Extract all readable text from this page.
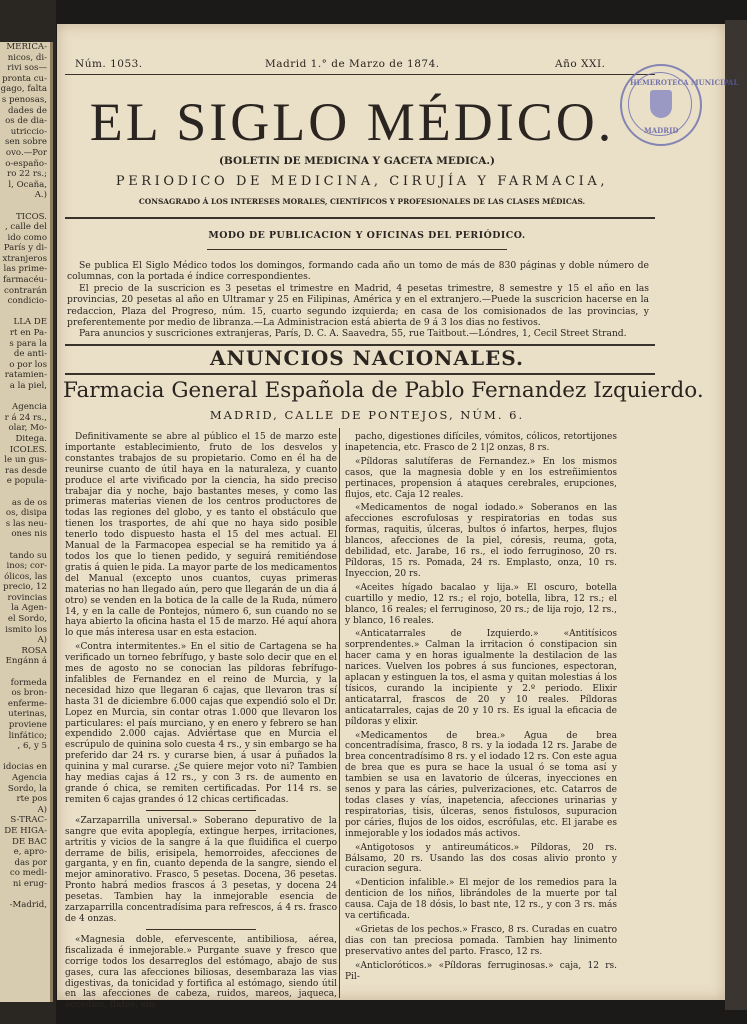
MERICA-
nicos, di-
rivi sos—
pronta cu-
gago, falta
s penosas,
dades de
os de dia-
utriccio-
sen sobre
ovo.—Por
o-españo-
ro 22 rs.;
l, Ocaña,
A.)

TICOS.
, calle del
ido como
París y di-
xtranjeros
las prime-
farmacéu-
contrarán
condicio-

LLA DE
rt en Pa-
s para la
de anti-
o por los
ratamien-
a la piel,

Agencia
r á 24 rs.,
olar, Mo-
Ditega.
ICOLES.
le un gus-
ras desde
e popula-

as de os
os, disipa
s las neu-
ones nis

tando su
inos; cor-
ólicos, las
precio, 12
rovincias
la Agen-
el Sordo,
ismito los
A)
ROSA
Engánn á

formeda
os bron-
enferme-
uterinas,
proviene
linfático;
, 6, y 5

idocias en
Agencia
Sordo, la
rte pos
A)
S-TRAC-
DE HIGA-
DE BAC
e, apro-
das por
co medi-
ni erug-

-Madrid,
Núm. 1053.	Madrid 1.° de Marzo de 1874.	Año XXI.
HEMEROTECA MUNICIPAL
MADRID
EL SIGLO MÉDICO.
(BOLETIN DE MEDICINA Y GACETA MEDICA.)
PERIODICO DE MEDICINA, CIRUJÍA Y FARMACIA,
CONSAGRADO Á LOS INTERESES MORALES, CIENTÍFICOS Y PROFESIONALES DE LAS CLASES MÉDICAS.
MODO DE PUBLICACION Y OFICINAS DEL PERIÓDICO.

Se publica El Siglo Médico todos los domingos, formando cada año un tomo de más de 830 páginas y doble número de columnas, con la portada é índice correspondientes.

El precio de la suscricion es 3 pesetas el trimestre en Madrid, 4 pesetas trimestre, 8 semestre y 15 el año en las provincias, 20 pesetas al año en Ultramar y 25 en Filipinas, América y en el extranjero.—Puede la suscricion hacerse en la redaccion, Plaza del Progreso, núm. 15, cuarto segundo izquierda; en casa de los comisionados de las provincias, y preferentemente por medio de libranza.—La Administracion está abierta de 9 á 3 los dias no festivos.

Para anuncios y suscriciones extranjeras, París, D. C. A. Saavedra, 55, rue Taitbout.—Lóndres, 1, Cecil Street Strand.

ANUNCIOS NACIONALES.
Farmacia General Española de Pablo Fernandez Izquierdo.
MADRID, CALLE DE PONTEJOS, NÚM. 6.

Definitivamente se abre al público el 15 de marzo este importante establecimiento, fruto de los desvelos y constantes trabajos de su propietario. Como en él ha de reunirse cuanto de útil haya en la naturaleza, y cuanto produce el arte vivificado por la ciencia, ha sido preciso trabajar dia y noche, bajo bastantes meses, y como las primeras materias vienen de los centros productores de todas las regiones del globo, y es tanto el obstáculo que tienen los trasportes, de ahí que no haya sido posible tenerlo todo dispuesto hasta el 15 del mes actual. El Manual de la Farmacopea especial se ha remitido ya á todos los que lo tienen pedido, y seguirá remitiéndose gratis á quien le pida. La mayor parte de los medicamentos del Manual (excepto unos cuantos, cuyas primeras materias no han llegado aún, pero que llegarán de un dia á otro) se venden en la botica de la calle de la Ruda, número 14, y en la calle de Pontejos, número 6, sun cuando no se haya abierto la oficina hasta el 15 de marzo. Hé aquí ahora lo que más interesa usar en esta estacion.

«Contra intermitentes.» En el sitio de Cartagena se ha verificado un torneo febrífugo, y baste solo decir que en el mes de agosto no se conocian las píldoras febrífugo-infalibles de Fernandez en el reino de Murcia, y la necesidad hizo que llegaran 6 cajas, que llevaron tras sí hasta 31 de diciembre 6.000 cajas que expendió solo el Dr. Lopez en Murcia, sin contar otras 1.000 que llevaron los particulares: el país murciano, y en enero y febrero se han expendido 2.000 cajas. Adviértase que en Murcia el escrúpulo de quinina solo cuesta 4 rs., y sin embargo se ha preferido dar 24 rs. y curarse bien, á usar á puñados la quinina y mal curarse. ¿Se quiere mejor voto ni? Tambien hay medias cajas á 12 rs., y con 3 rs. de aumento en grande ó chica, se remiten certificadas. Por 114 rs. se remiten 6 cajas grandes ó 12 chicas certificadas.

«Zarzaparrilla universal.» Soberano depurativo de la sangre que evita apoplegía, extingue herpes, irritaciones, artritis y vicios de la sangre á la que fluidifica el cuerpo derrame de bilis, erisipela, hemorroides, afecciones de garganta, y en fin, cuanto dependa de la sangre, siendo el mejor aminorativo. Frasco, 5 pesetas. Docena, 36 pesetas. Pronto habrá medios frascos á 3 pesetas, y docena 24 pesetas. Tambien hay la inmejorable esencia de zarzaparrilla concentradísima para refrescos, á 4 rs. frasco de 4 onzas.

«Magnesia doble, efervescente, antibiliosa, aérea, fiscalizada é inmejorable.» Purgante suave y fresco que corrige todos los desarreglos del estómago, abajo de sus gases, cura las afecciones biliosas, desembaraza las vias digestivas, da tonicidad y fortifica al estómago, siendo útil en las afecciones de cabeza, ruidos, mareos, jaqueca, accedías, flatos, em-

pacho, digestiones difíciles, vómitos, cólicos, retortijones inapetencia, etc. Frasco de 2 1|2 onzas, 8 rs.

«Píldoras salutíferas de Fernandez.» En los mismos casos, que la magnesia doble y en los estreñimientos pertinaces, propension á ataques cerebrales, erupciones, flujos, etc. Caja 12 reales.

«Medicamentos de nogal iodado.» Soberanos en las afecciones escrofulosas y respiratorias en todas sus formas, raquitis, úlceras, bultos ó infartos, herpes, flujos blancos, afecciones de la piel, córesis, reuma, gota, debilidad, etc. Jarabe, 16 rs., el iodo ferruginoso, 20 rs. Píldoras, 15 rs. Pomada, 24 rs. Emplasto, onza, 10 rs. Inyeccion, 20 rs.

«Aceites hígado bacalao y lija.» El oscuro, botella cuartillo y medio, 12 rs.; el rojo, botella, libra, 12 rs.; el blanco, 16 reales; el ferruginoso, 20 rs.; de lija rojo, 12 rs., y blanco, 16 reales.

«Anticatarrales de Izquierdo.» «Antitísicos sorprendentes.» Calman la irritacion ó constipacion sin hacer cama y en horas igualmente la destilacion de las narices. Vuelven los pobres á sus funciones, espectoran, aplacan y estinguen la tos, el asma y quitan molestias á los tísicos, curando la incipiente y 2.º periodo. Elixir anticatarral, frascos de 20 y 10 reales. Píldoras anticatarrales, cajas de 20 y 10 rs. Es igual la eficacia de píldoras y elixir.

«Medicamentos de brea.» Agua de brea concentradísima, frasco, 8 rs. y la iodada 12 rs. Jarabe de brea concentradísimo 8 rs. y el iodado 12 rs. Con este agua de brea que es pura se hace la usual ó se toma así y tambien se usa en lavatorio de úlceras, inyecciones en senos y para las cáries, pulverizaciones, etc. Catarros de todas clases y vías, inapetencia, afecciones urinarias y respiratorias, tisis, úlceras, senos fistulosos, supuracion por cáries, flujos de los oidos, escrófulas, etc. El jarabe es inmejorable y los iodados más activos.

«Antigotosos y antireumáticos.» Píldoras, 20 rs. Bálsamo, 20 rs. Usando las dos cosas alivio pronto y curacion segura.

«Denticion infalible.» El mejor de los remedios para la denticion de los niños, librándoles de la muerte por tal causa. Caja de 18 dósis, lo bast nte, 12 rs., y con 3 rs. más va certificada.

«Grietas de los pechos.» Frasco, 8 rs. Curadas en cuatro dias con tan preciosa pomada. Tambien hay linimento preservativo antes del parto. Frasco, 12 rs.

«Anticloróticos.» «Píldoras ferruginosas.» caja, 12 rs. Pil-
